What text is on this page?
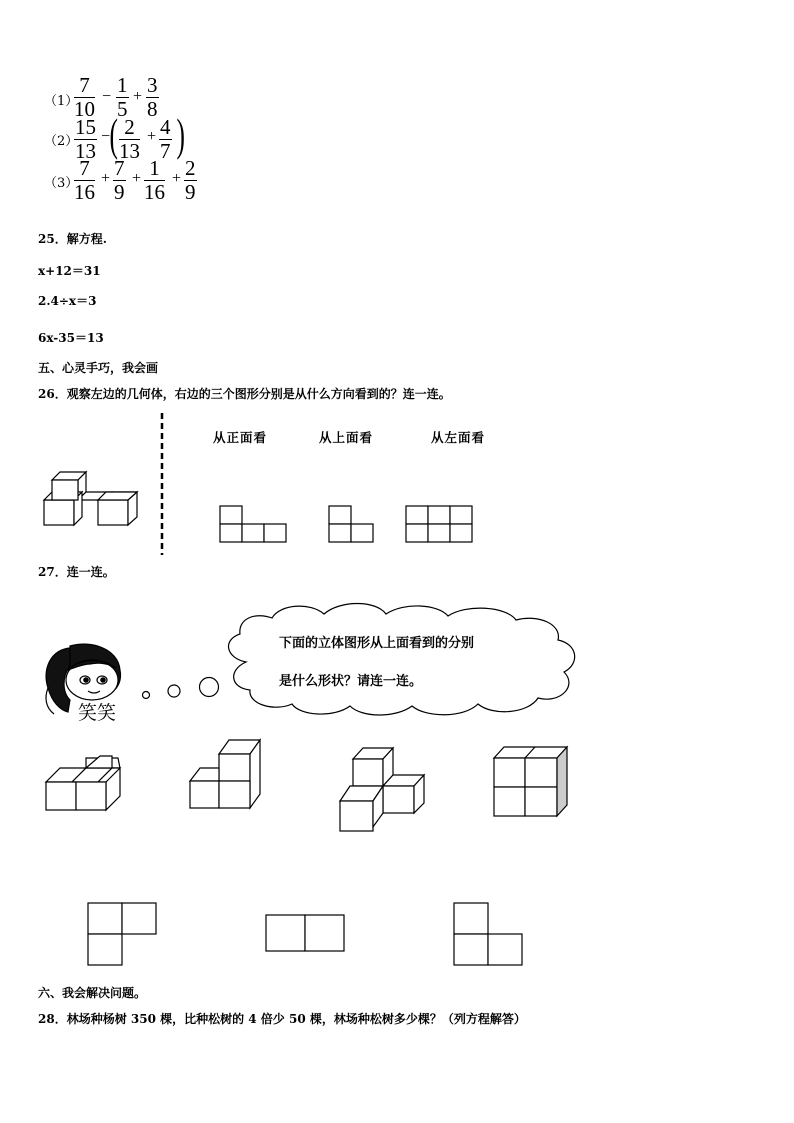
（1）
$\frac{7}{10} - \frac{1}{5} + \frac{3}{8}$
（2）
$\frac{15}{13}$ − ( $\frac{2}{13} + \frac{4}{7}$ )
（3）
$\frac{7}{16} + \frac{7}{9} + \frac{1}{16} + \frac{2}{9}$
25．解方程.
x+12＝31
2.4÷x＝3
6x-35＝13
五、心灵手巧，我会画
26．观察左边的几何体，右边的三个图形分别是从什么方向看到的？连一连。
从正面看	从上面看	从左面看
27．连一连。
笑笑
下面的立体图形从上面看到的分别
是什么形状？请连一连。
六、我会解决问题。
28．林场种杨树 350 棵，比种松树的 4 倍少 50 棵，林场种松树多少棵？（列方程解答）
